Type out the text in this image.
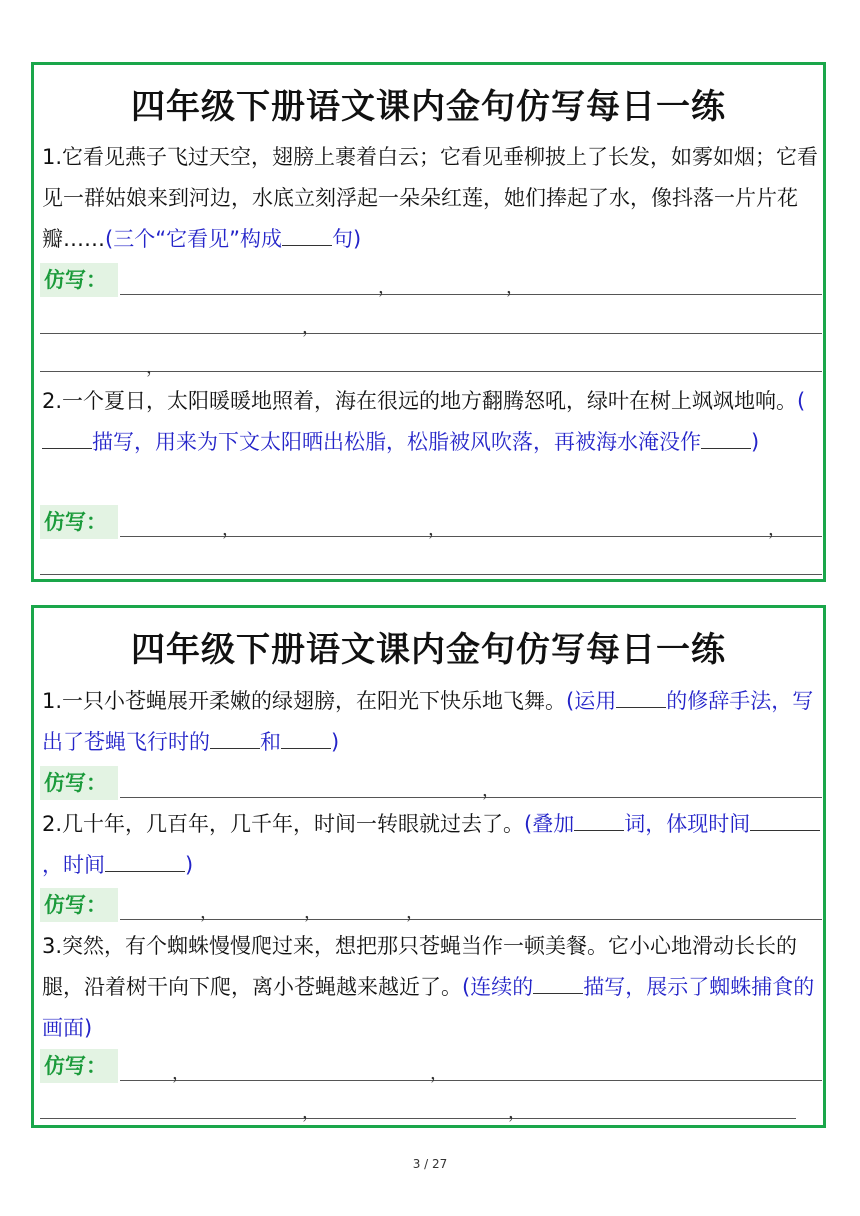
四年级下册语文课内金句仿写每日一练
1.它看见燕子飞过天空，翅膀上裹着白云；它看见垂柳披上了长发，如雾如烟；它看见一群姑娘来到河边，水底立刻浮起一朵朵红莲，她们捧起了水，像抖落一片片花瓣……(三个“它看见”构成 句)
仿写：	，	，
，
，
2.一个夏日，太阳暖暖地照着，海在很远的地方翻腾怒吼，绿叶在树上飒飒地响。(描写，用来为下文太阳晒出松脂，松脂被风吹落，再被海水淹没作 )
仿写：	，	，	，
四年级下册语文课内金句仿写每日一练
1.一只小苍蝇展开柔嫩的绿翅膀，在阳光下快乐地飞舞。(运用 的修辞手法，写出了苍蝇飞行时的 和 )
仿写：	，
2.几十年，几百年，几千年，时间一转眼就过去了。(叠加 词，体现时间，时间	)
仿写：	，	，	，
3.突然，有个蜘蛛慢慢爬过来，想把那只苍蝇当作一顿美餐。它小心地滑动长长的腿，沿着树干向下爬，离小苍蝇越来越近了。(连续的 描写，展示了蜘蛛捕食的画面)
仿写：	，	，
，	，
3 / 27
